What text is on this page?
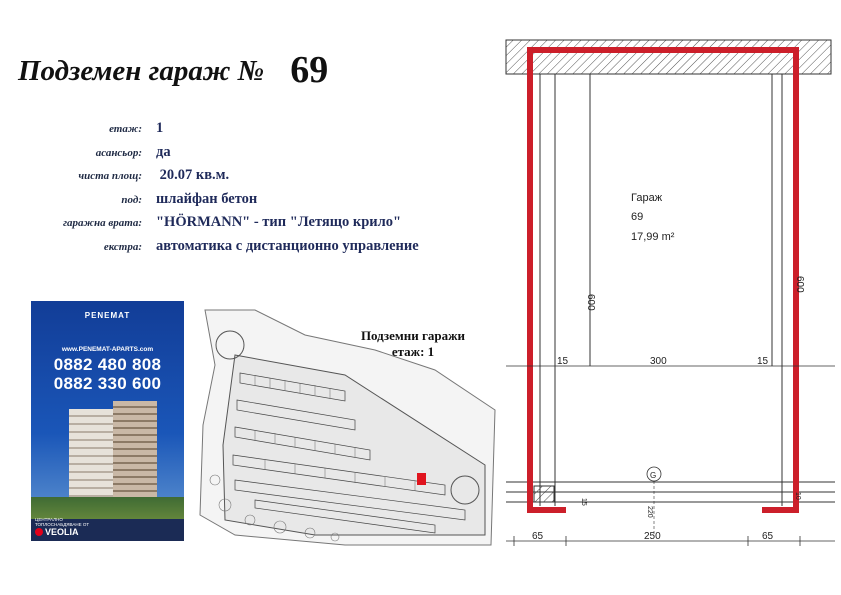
Подземен гараж № 69
етаж: 1
асансьор: да
чиста площ: 20.07 кв.м.
под: шлайфан бетон
гаражна врата: "HÖRMANN" - тип "Летящо крило"
екстра: автоматика с дистанционно управление
PENEMAT
www.PENEMAT-APARTS.com
0882 480 808
0882 330 600
ЦЕНТРАЛНО ТОПЛОСНАБДЯВАНЕ ОТ
VEOLIA
Подземни гаражи
етаж: 1
Гараж
69
17,99 m²
600
600
15	300	15
G
15
220
10
65	250	65
